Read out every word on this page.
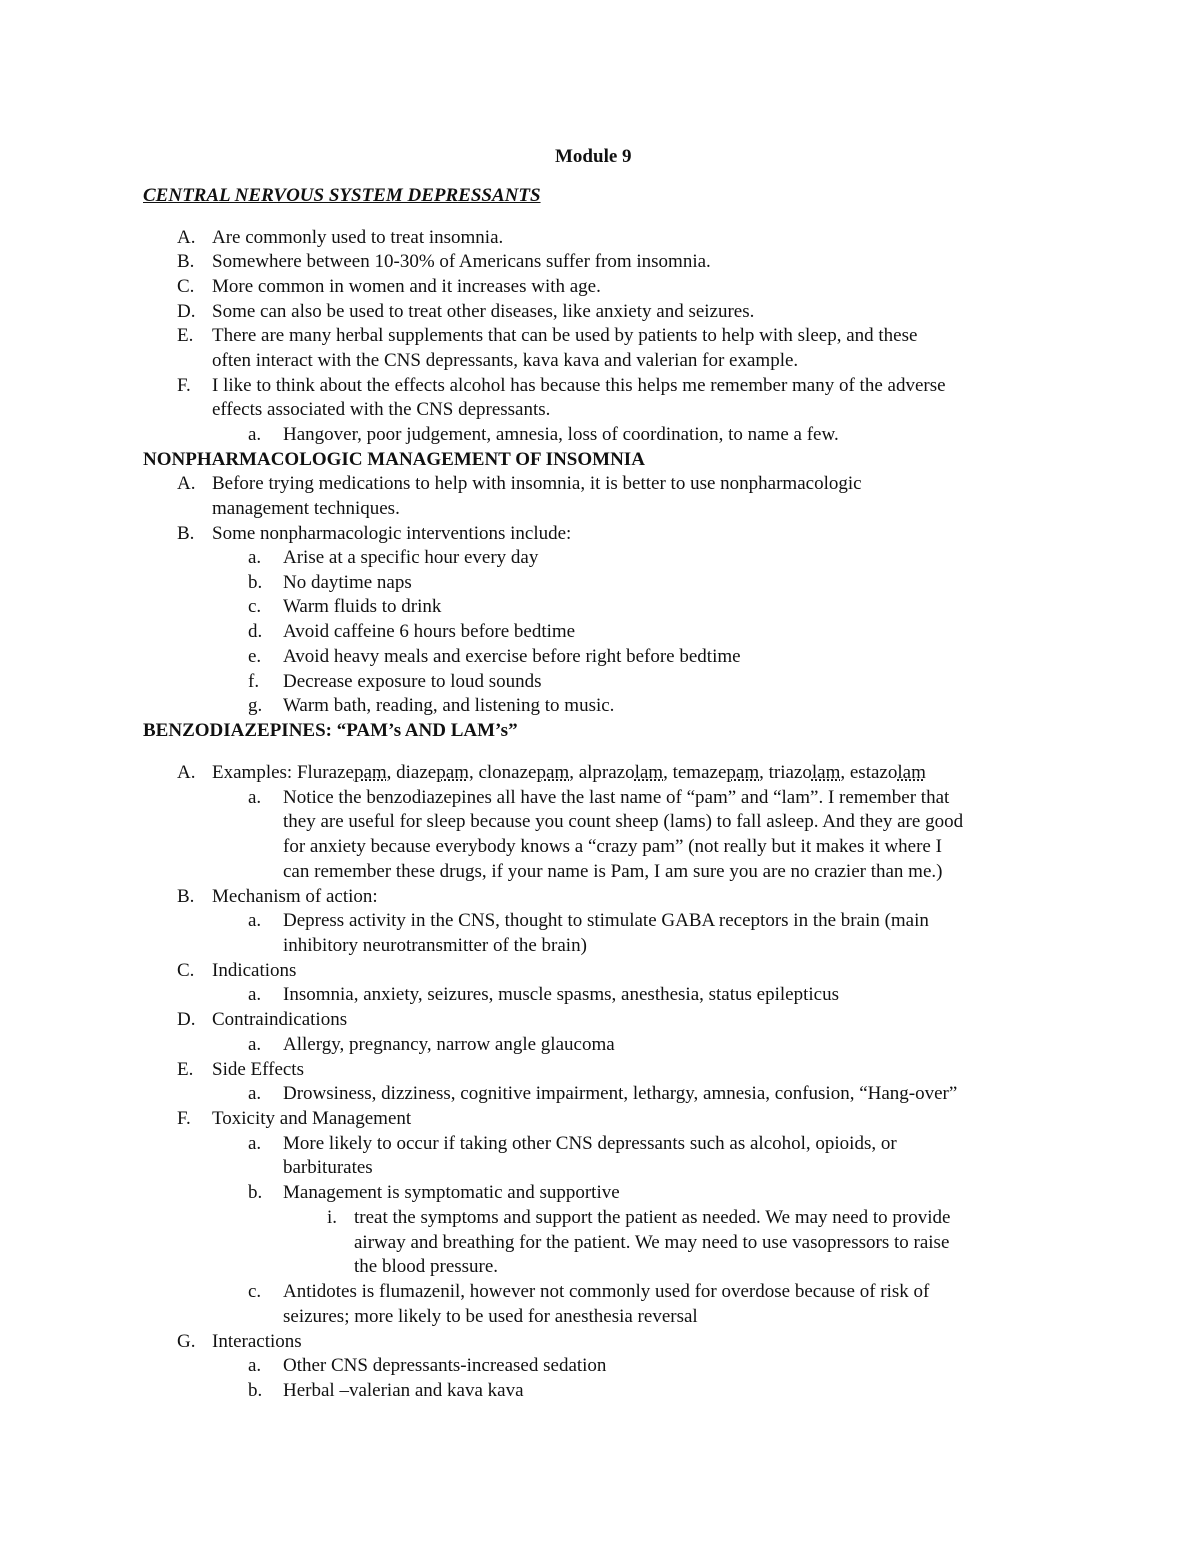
Module 9
CENTRAL NERVOUS SYSTEM DEPRESSANTS
A. Are commonly used to treat insomnia.
B. Somewhere between 10-30% of Americans suffer from insomnia.
C. More common in women and it increases with age.
D. Some can also be used to treat other diseases, like anxiety and seizures.
E. There are many herbal supplements that can be used by patients to help with sleep, and these
often interact with the CNS depressants, kava kava and valerian for example.
F. I like to think about the effects alcohol has because this helps me remember many of the adverse
effects associated with the CNS depressants.
a. Hangover, poor judgement, amnesia, loss of coordination, to name a few.
NONPHARMACOLOGIC MANAGEMENT OF INSOMNIA
A. Before trying medications to help with insomnia, it is better to use nonpharmacologic
management techniques.
B. Some nonpharmacologic interventions include:
a. Arise at a specific hour every day
b. No daytime naps
c. Warm fluids to drink
d. Avoid caffeine 6 hours before bedtime
e. Avoid heavy meals and exercise before right before bedtime
f. Decrease exposure to loud sounds
g. Warm bath, reading, and listening to music.
BENZODIAZEPINES: “PAM’s AND LAM’s”
A. Examples: Flurazepam, diazepam, clonazepam, alprazolam, temazepam, triazolam, estazolam
a. Notice the benzodiazepines all have the last name of “pam” and “lam”. I remember that
they are useful for sleep because you count sheep (lams) to fall asleep. And they are good
for anxiety because everybody knows a “crazy pam” (not really but it makes it where I
can remember these drugs, if your name is Pam, I am sure you are no crazier than me.)
B. Mechanism of action:
a. Depress activity in the CNS, thought to stimulate GABA receptors in the brain (main
inhibitory neurotransmitter of the brain)
C. Indications
a. Insomnia, anxiety, seizures, muscle spasms, anesthesia, status epilepticus
D. Contraindications
a. Allergy, pregnancy, narrow angle glaucoma
E. Side Effects
a. Drowsiness, dizziness, cognitive impairment, lethargy, amnesia, confusion, “Hang-over”
F. Toxicity and Management
a. More likely to occur if taking other CNS depressants such as alcohol, opioids, or
barbiturates
b. Management is symptomatic and supportive
i. treat the symptoms and support the patient as needed. We may need to provide
airway and breathing for the patient. We may need to use vasopressors to raise
the blood pressure.
c. Antidotes is flumazenil, however not commonly used for overdose because of risk of
seizures; more likely to be used for anesthesia reversal
G. Interactions
a. Other CNS depressants-increased sedation
b. Herbal –valerian and kava kava
